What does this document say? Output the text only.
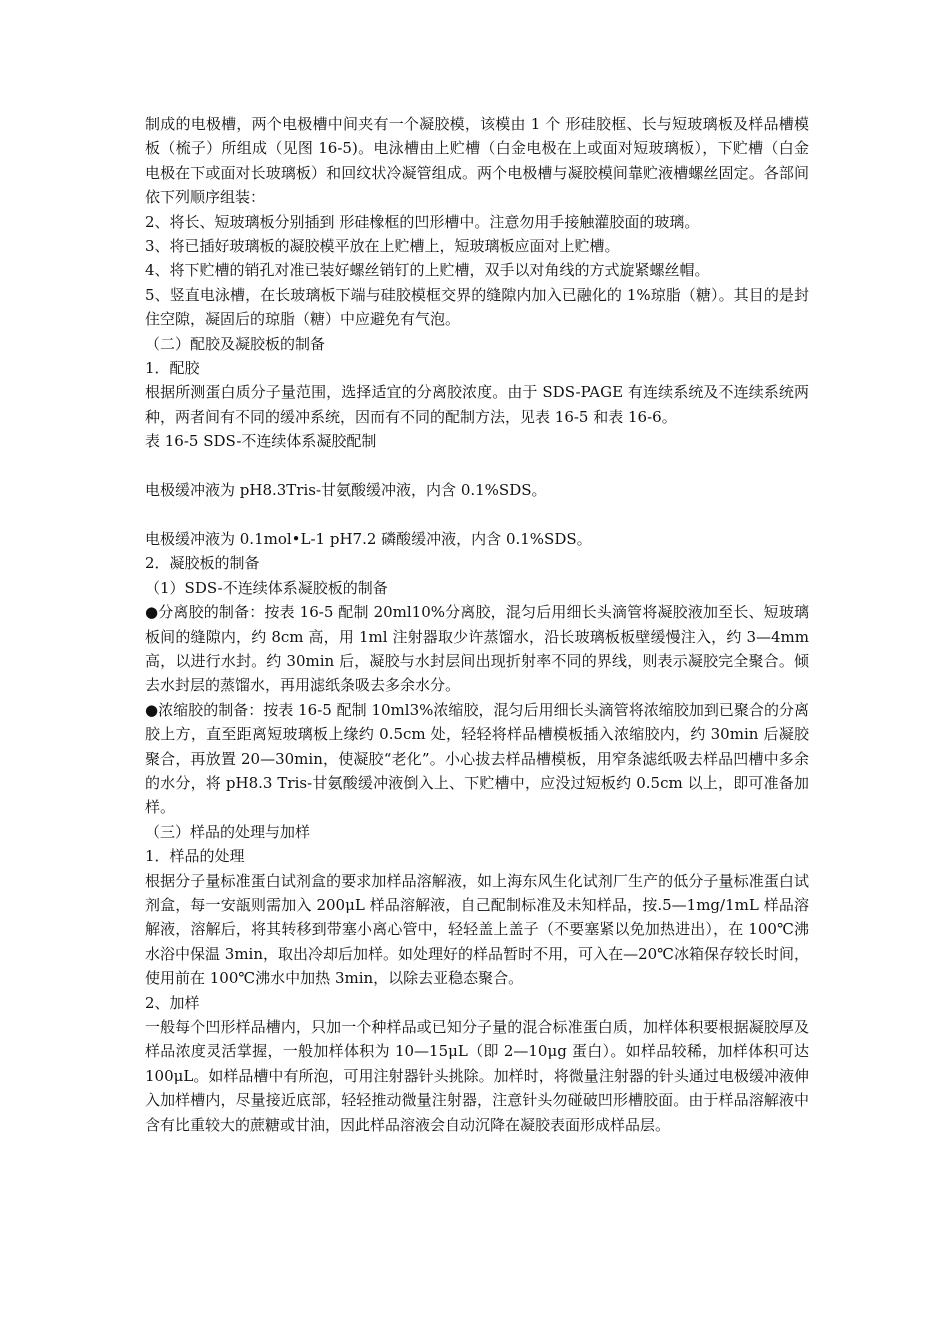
制成的电极槽，两个电极槽中间夹有一个凝胶模，该模由 1 个 形硅胶框、长与短玻璃板及样品槽模板（梳子）所组成（见图 16-5)。电泳槽由上贮槽（白金电极在上或面对短玻璃板），下贮槽（白金电极在下或面对长玻璃板）和回纹状冷凝管组成。两个电极槽与凝胶模间靠贮液槽螺丝固定。各部间依下列顺序组装：

2、将长、短玻璃板分别插到 形硅橡框的凹形槽中。注意勿用手接触灌胶面的玻璃。

3、将已插好玻璃板的凝胶模平放在上贮槽上，短玻璃板应面对上贮槽。

4、将下贮槽的销孔对准已装好螺丝销钉的上贮槽，双手以对角线的方式旋紧螺丝帽。

5、竖直电泳槽，在长玻璃板下端与硅胶模框交界的缝隙内加入已融化的 1%琼脂（糖）。其目的是封住空隙，凝固后的琼脂（糖）中应避免有气泡。

（二）配胶及凝胶板的制备

1．配胶

根据所测蛋白质分子量范围，选择适宜的分离胶浓度。由于 SDS-PAGE 有连续系统及不连续系统两种，两者间有不同的缓冲系统，因而有不同的配制方法，见表 16-5 和表 16-6。

表 16-5 SDS-不连续体系凝胶配制

电极缓冲液为 pH8.3Tris-甘氨酸缓冲液，内含 0.1%SDS。

电极缓冲液为 0.1mol•L-1 pH7.2 磷酸缓冲液，内含 0.1%SDS。

2．凝胶板的制备

（1）SDS-不连续体系凝胶板的制备

●分离胶的制备：按表 16-5 配制 20ml10%分离胶，混匀后用细长头滴管将凝胶液加至长、短玻璃板间的缝隙内，约 8cm 高，用 1ml 注射器取少许蒸馏水，沿长玻璃板板壁缓慢注入，约 3—4mm 高，以进行水封。约 30min 后，凝胶与水封层间出现折射率不同的界线，则表示凝胶完全聚合。倾去水封层的蒸馏水，再用滤纸条吸去多余水分。

●浓缩胶的制备：按表 16-5 配制 10ml3%浓缩胶，混匀后用细长头滴管将浓缩胶加到已聚合的分离胶上方，直至距离短玻璃板上缘约 0.5cm 处，轻轻将样品槽模板插入浓缩胶内，约 30min 后凝胶聚合，再放置 20—30min，使凝胶“老化”。小心拔去样品槽模板，用窄条滤纸吸去样品凹槽中多余的水分，将 pH8.3 Tris-甘氨酸缓冲液倒入上、下贮槽中，应没过短板约 0.5cm 以上，即可准备加样。

（三）样品的处理与加样

1．样品的处理

根据分子量标准蛋白试剂盒的要求加样品溶解液，如上海东风生化试剂厂生产的低分子量标准蛋白试剂盒，每一安瓿则需加入 200μL 样品溶解液，自己配制标准及未知样品，按.5—1mg/1mL 样品溶解液，溶解后，将其转移到带塞小离心管中，轻轻盖上盖子（不要塞紧以免加热进出），在 100℃沸水浴中保温 3min，取出冷却后加样。如处理好的样品暂时不用，可入在—20℃冰箱保存较长时间，使用前在 100℃沸水中加热 3min，以除去亚稳态聚合。

2、加样

一般每个凹形样品槽内，只加一个种样品或已知分子量的混合标准蛋白质，加样体积要根据凝胶厚及样品浓度灵活掌握，一般加样体积为 10—15μL（即 2—10μg 蛋白）。如样品较稀，加样体积可达 100μL。如样品槽中有所泡，可用注射器针头挑除。加样时，将微量注射器的针头通过电极缓冲液伸入加样槽内，尽量接近底部，轻轻推动微量注射器，注意针头勿碰破凹形槽胶面。由于样品溶解液中含有比重较大的蔗糖或甘油，因此样品溶液会自动沉降在凝胶表面形成样品层。
